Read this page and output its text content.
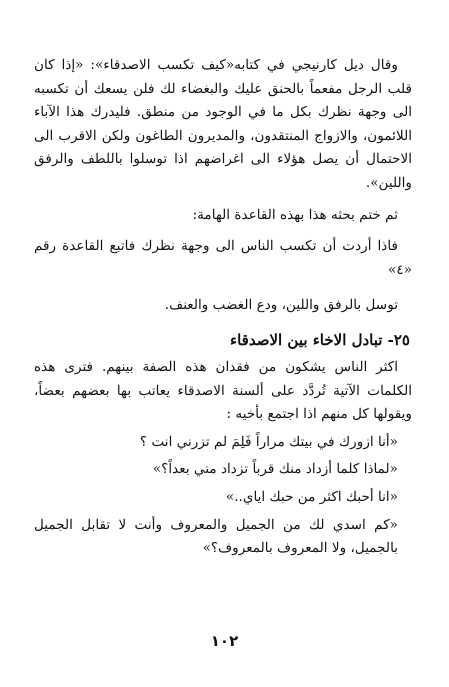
وقال ديل كارنيجي في كتابه«كيف تكسب الاصدقاء»: «إذا كان قلب الرجل مفعماً بالحنق عليك والبغضاء لك فلن يسعك أن تكسبه الى وجهة نظرك بكل ما في الوجود من منطق. فليدرك هذا الآباء اللائمون، والازواج المنتقدون، والمديرون الطاغون ولكن الاقرب الى الاحتمال أن يصل هؤلاء الى اغراضهم اذا توسلوا باللطف والرفق واللين».

ثم ختم بحثه هذا بهذه القاعدة الهامة:

فاذا أردت أن تكسب الناس الى وجهة نظرك فاتبع القاعدة رقم «٤»

توسل بالرفق واللين، ودع الغضب والعنف.

٢٥- تبادل الاخاء بين الاصدقاء

اكثر الناس يشكون من فقدان هذه الصفة بينهم. فترى هذه الكلمات الآتية تُردَّد على ألسنة الاصدقاء يعاتب بها بعضهم بعضاً، ويقولها كل منهم اذا اجتمع بأخيه :

«أنا ازورك في بيتك مراراً فَلِمَ لم تزرني انت ؟

«لماذا كلما أزداد منك قرباً تزداد مني بعداً؟»

«انا أحبك اكثر من حبك اياي..»

«كم اسدي لك من الجميل والمعروف وأنت لا تقابل الجميل بالجميل، ولا المعروف بالمعروف؟»

١٠٢
